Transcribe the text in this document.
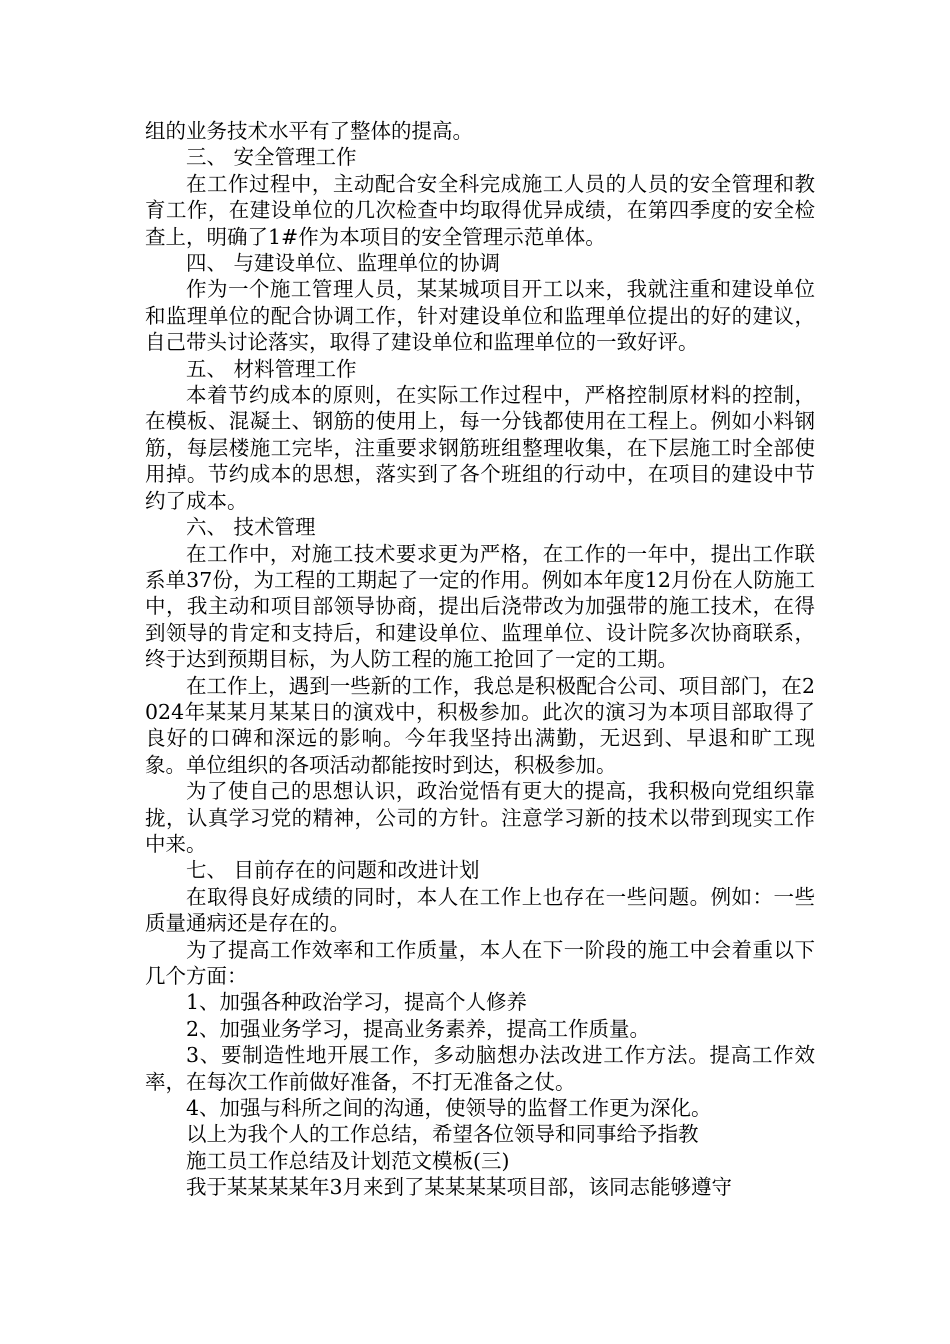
组的业务技术水平有了整体的提高。

三、 安全管理工作

在工作过程中，主动配合安全科完成施工人员的人员的安全管理和教育工作，在建设单位的几次检查中均取得优异成绩，在第四季度的安全检查上，明确了1#作为本项目的安全管理示范单体。

四、 与建设单位、监理单位的协调

作为一个施工管理人员，某某城项目开工以来，我就注重和建设单位和监理单位的配合协调工作，针对建设单位和监理单位提出的好的建议，自己带头讨论落实，取得了建设单位和监理单位的一致好评。

五、 材料管理工作

本着节约成本的原则，在实际工作过程中，严格控制原材料的控制，在模板、混凝土、钢筋的使用上，每一分钱都使用在工程上。例如小料钢筋，每层楼施工完毕，注重要求钢筋班组整理收集，在下层施工时全部使用掉。节约成本的思想，落实到了各个班组的行动中，在项目的建设中节约了成本。

六、 技术管理

在工作中，对施工技术要求更为严格，在工作的一年中，提出工作联系单37份，为工程的工期起了一定的作用。例如本年度12月份在人防施工中，我主动和项目部领导协商，提出后浇带改为加强带的施工技术，在得到领导的肯定和支持后，和建设单位、监理单位、设计院多次协商联系，终于达到预期目标，为人防工程的施工抢回了一定的工期。

在工作上，遇到一些新的工作，我总是积极配合公司、项目部门，在2024年某某月某某日的演戏中，积极参加。此次的演习为本项目部取得了良好的口碑和深远的影响。今年我坚持出满勤，无迟到、早退和旷工现象。单位组织的各项活动都能按时到达，积极参加。

为了使自己的思想认识，政治觉悟有更大的提高，我积极向党组织靠拢，认真学习党的精神，公司的方针。注意学习新的技术以带到现实工作中来。

七、 目前存在的问题和改进计划

在取得良好成绩的同时，本人在工作上也存在一些问题。例如：一些质量通病还是存在的。

为了提高工作效率和工作质量，本人在下一阶段的施工中会着重以下几个方面：

1、加强各种政治学习，提高个人修养

2、加强业务学习，提高业务素养，提高工作质量。

3、要制造性地开展工作，多动脑想办法改进工作方法。提高工作效率，在每次工作前做好准备，不打无准备之仗。

4、加强与科所之间的沟通，使领导的监督工作更为深化。

以上为我个人的工作总结，希望各位领导和同事给予指教

施工员工作总结及计划范文模板(三)

我于某某某某年3月来到了某某某某项目部，该同志能够遵守
